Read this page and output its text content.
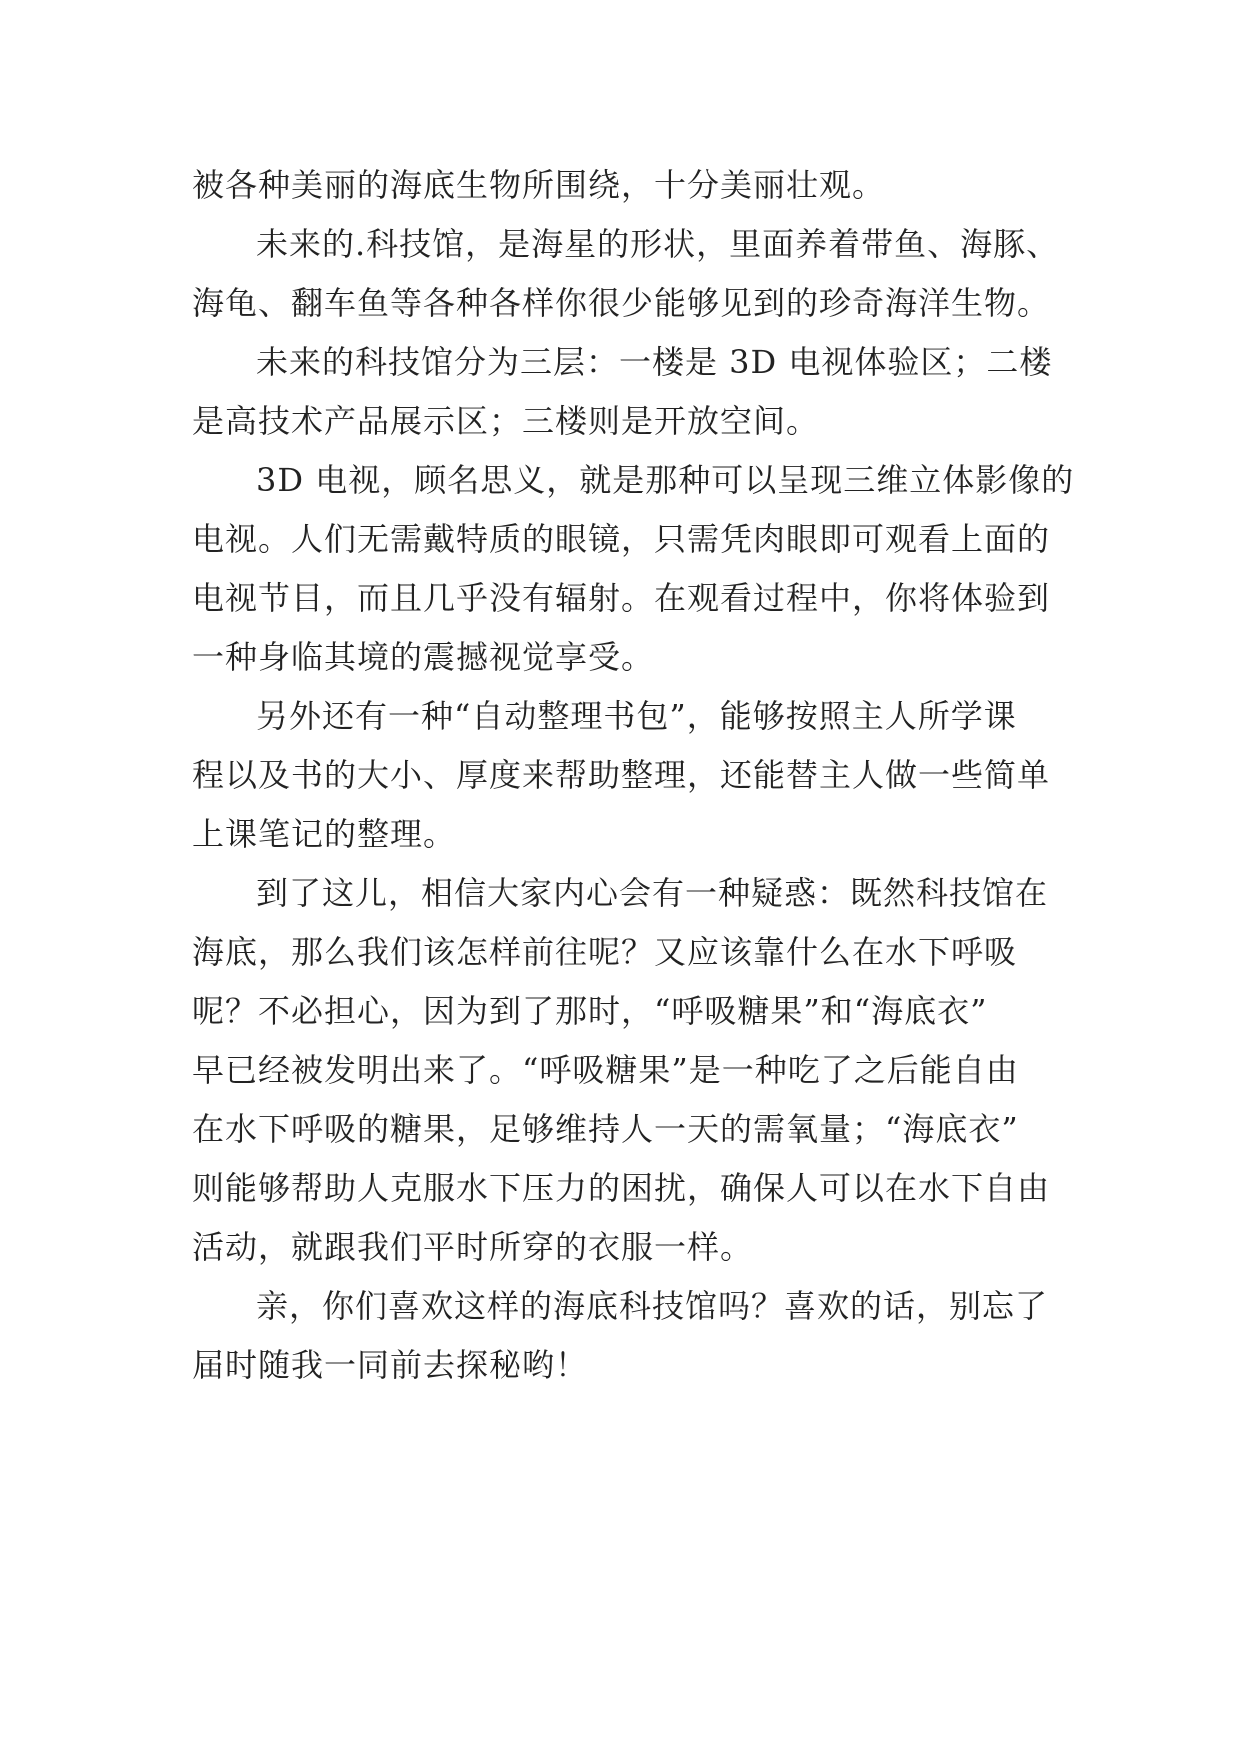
被各种美丽的海底生物所围绕，十分美丽壮观。
未来的.科技馆，是海星的形状，里面养着带鱼、海豚、
海龟、翻车鱼等各种各样你很少能够见到的珍奇海洋生物。
未来的科技馆分为三层：一楼是 3D 电视体验区；二楼
是高技术产品展示区；三楼则是开放空间。
3D 电视，顾名思义，就是那种可以呈现三维立体影像的
电视。人们无需戴特质的眼镜，只需凭肉眼即可观看上面的
电视节目，而且几乎没有辐射。在观看过程中，你将体验到
一种身临其境的震撼视觉享受。
另外还有一种“自动整理书包”，能够按照主人所学课
程以及书的大小、厚度来帮助整理，还能替主人做一些简单
上课笔记的整理。
到了这儿，相信大家内心会有一种疑惑：既然科技馆在
海底，那么我们该怎样前往呢？又应该靠什么在水下呼吸
呢？不必担心，因为到了那时，“呼吸糖果”和“海底衣”
早已经被发明出来了。“呼吸糖果”是一种吃了之后能自由
在水下呼吸的糖果，足够维持人一天的需氧量；“海底衣”
则能够帮助人克服水下压力的困扰，确保人可以在水下自由
活动，就跟我们平时所穿的衣服一样。
亲，你们喜欢这样的海底科技馆吗？喜欢的话，别忘了
届时随我一同前去探秘哟！
